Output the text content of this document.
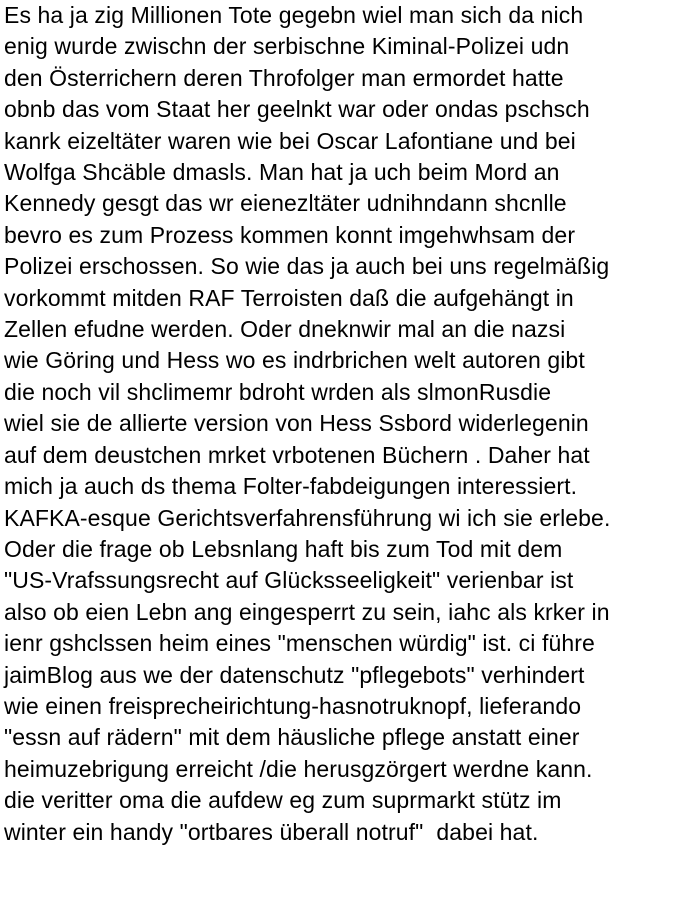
Es ha ja zig Millionen Tote gegebn wiel man sich da nich
enig wurde zwischn der serbischne Kiminal-Polizei udn
den Österrichern deren Throfolger man ermordet hatte
obnb das vom Staat her geelnkt war oder ondas pschsch
kanrk eizeltäter waren wie bei Oscar Lafontiane und bei
Wolfga Shcäble dmasls. Man hat ja uch beim Mord an
Kennedy gesgt das wr eienezltäter udnihndann shcnlle
bevro es zum Prozess kommen konnt imgehwhsam der
Polizei erschossen. So wie das ja auch bei uns regelmäßig
vorkommt mitden RAF Terroisten daß die aufgehängt in
Zellen efudne werden. Oder dneknwir mal an die nazsi
wie Göring und Hess wo es indrbrichen welt autoren gibt
die noch vil shclimemr bdroht wrden als slmonRusdie
wiel sie de allierte version von Hess Ssbord widerlegenin
auf dem deustchen mrket vrbotenen Büchern . Daher hat
mich ja auch ds thema Folter-fabdeigungen interessiert.
KAFKA-esque Gerichtsverfahrensführung wi ich sie erlebe.
Oder die frage ob Lebsnlang haft bis zum Tod mit dem
"US-Vrafssungsrecht auf Glücksseeligkeit" verienbar ist
also ob eien Lebn ang eingesperrt zu sein, iahc als krker in
ienr gshclssen heim eines "menschen würdig" ist. ci führe
jaimBlog aus we der datenschutz "pflegebots" verhindert
wie einen freisprecheirichtung-hasnotruknopf, lieferando
"essn auf rädern" mit dem häusliche pflege anstatt einer
heimuzebrigung erreicht /die herusgzörgert werdne kann.
die veritter oma die aufdew eg zum suprmarkt stütz im
winter ein handy "ortbares überall notruf"  dabei hat.
